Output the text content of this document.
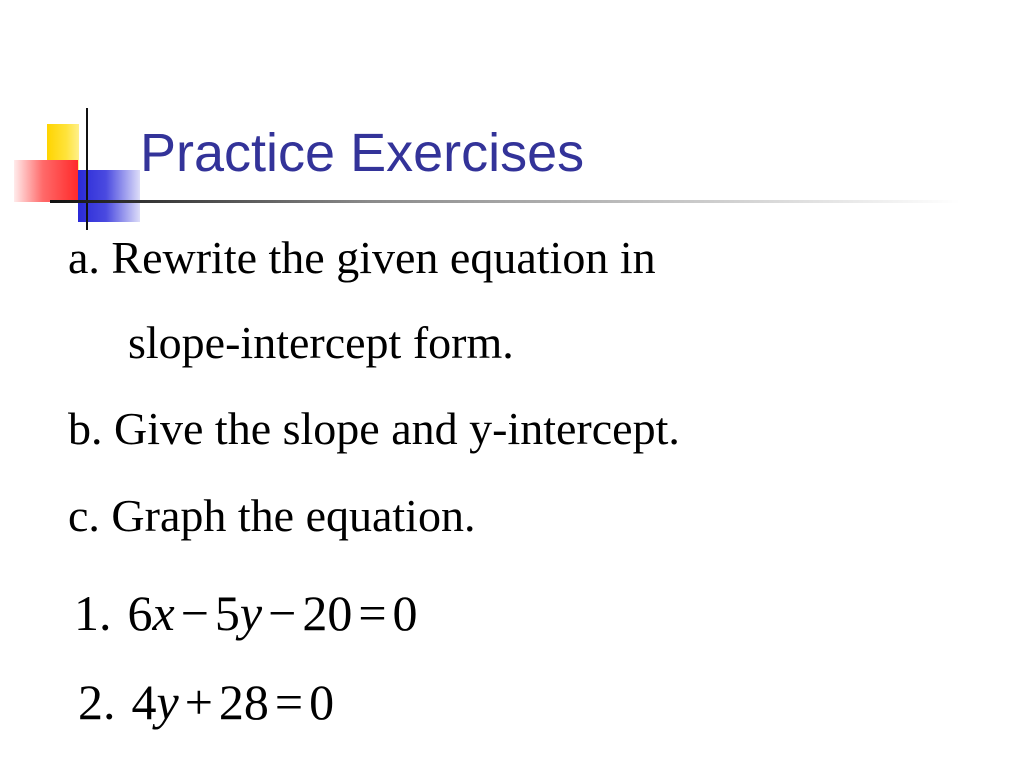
Practice Exercises
a. Rewrite the given equation in
slope-intercept form.
b. Give the slope and y-intercept.
c. Graph the equation.
1. 6x − 5y − 20 = 0
2. 4y + 28 = 0
